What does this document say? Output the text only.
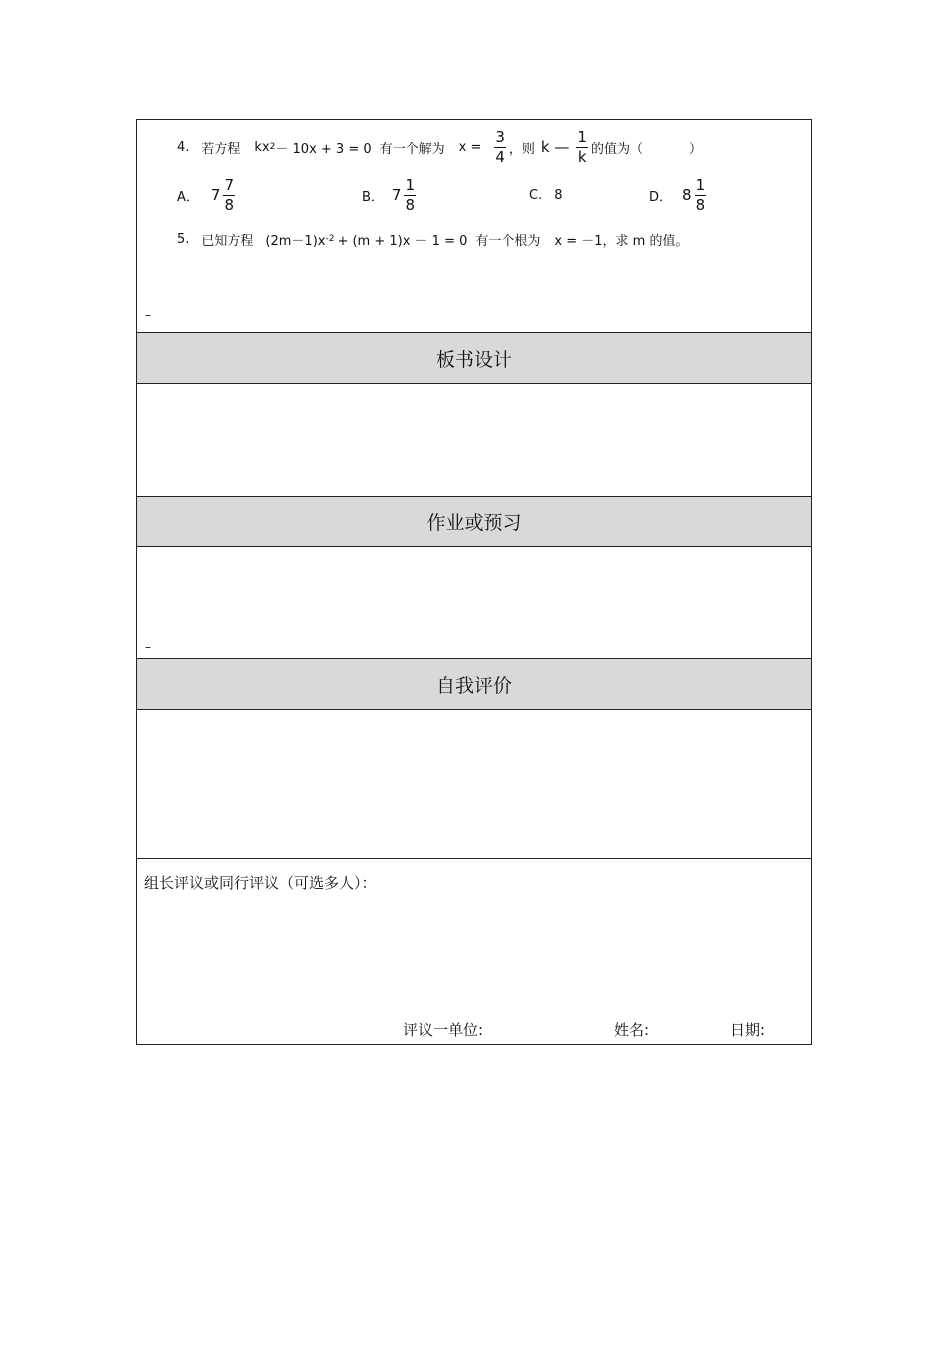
4. 若方程 kx 2 － 10x + 3 = 0 有一个解为 $x = \frac{3}{4}$ ，则 k — $\frac{1}{k}$ 的值为（	）
A． $7 \frac{7}{8}$	B． $7 \frac{1}{8}$	C. 8	D． $8 \frac{1}{8}$
5. 已知方程 (2m－1)x -2 + (m + 1)x － 1 = 0 有一个根为 x = －1，求 m 的值。
–
板书设计
作业或预习
–
自我评价
组长评议或同行评议（可选多人）：
评议一单位:	姓名:	日期:
